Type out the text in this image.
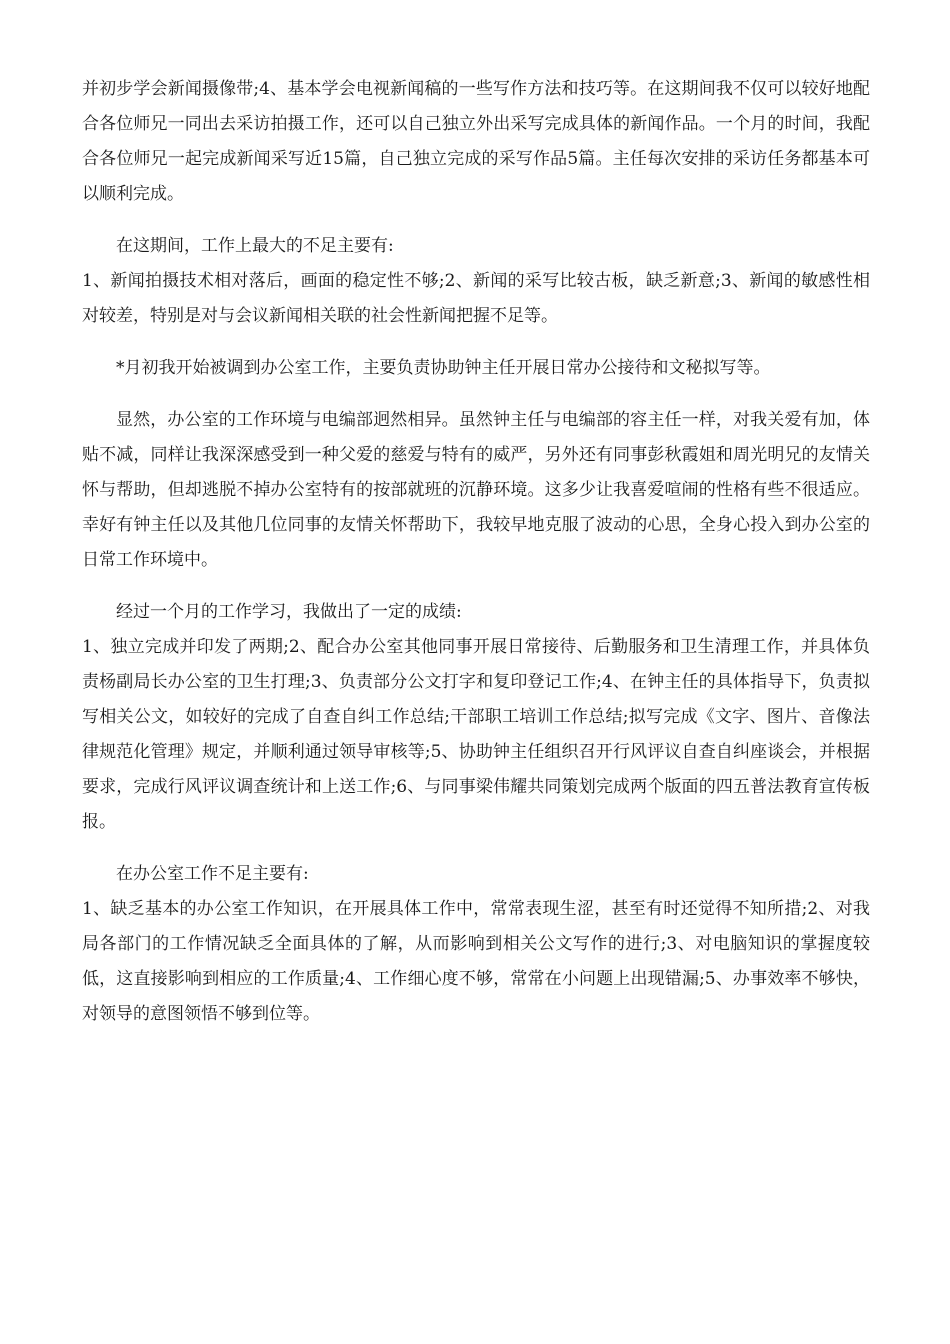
并初步学会新闻摄像带;4、基本学会电视新闻稿的一些写作方法和技巧等。在这期间我不仅可以较好地配合各位师兄一同出去采访拍摄工作，还可以自己独立外出采写完成具体的新闻作品。一个月的时间，我配合各位师兄一起完成新闻采写近15篇，自己独立完成的采写作品5篇。主任每次安排的采访任务都基本可以顺利完成。

在这期间，工作上最大的不足主要有:

1、新闻拍摄技术相对落后，画面的稳定性不够;2、新闻的采写比较古板，缺乏新意;3、新闻的敏感性相对较差，特别是对与会议新闻相关联的社会性新闻把握不足等。

*月初我开始被调到办公室工作，主要负责协助钟主任开展日常办公接待和文秘拟写等。

显然，办公室的工作环境与电编部迥然相异。虽然钟主任与电编部的容主任一样，对我关爱有加，体贴不减，同样让我深深感受到一种父爱的慈爱与特有的威严，另外还有同事彭秋霞姐和周光明兄的友情关怀与帮助，但却逃脱不掉办公室特有的按部就班的沉静环境。这多少让我喜爱喧闹的性格有些不很适应。幸好有钟主任以及其他几位同事的友情关怀帮助下，我较早地克服了波动的心思，全身心投入到办公室的日常工作环境中。

经过一个月的工作学习，我做出了一定的成绩:

1、独立完成并印发了两期;2、配合办公室其他同事开展日常接待、后勤服务和卫生清理工作，并具体负责杨副局长办公室的卫生打理;3、负责部分公文打字和复印登记工作;4、在钟主任的具体指导下，负责拟写相关公文，如较好的完成了自查自纠工作总结;干部职工培训工作总结;拟写完成《文字、图片、音像法律规范化管理》规定，并顺利通过领导审核等;5、协助钟主任组织召开行风评议自查自纠座谈会，并根据要求，完成行风评议调查统计和上送工作;6、与同事梁伟耀共同策划完成两个版面的四五普法教育宣传板报。

在办公室工作不足主要有:

1、缺乏基本的办公室工作知识，在开展具体工作中，常常表现生涩，甚至有时还觉得不知所措;2、对我局各部门的工作情况缺乏全面具体的了解，从而影响到相关公文写作的进行;3、对电脑知识的掌握度较低，这直接影响到相应的工作质量;4、工作细心度不够，常常在小问题上出现错漏;5、办事效率不够快，对领导的意图领悟不够到位等。
